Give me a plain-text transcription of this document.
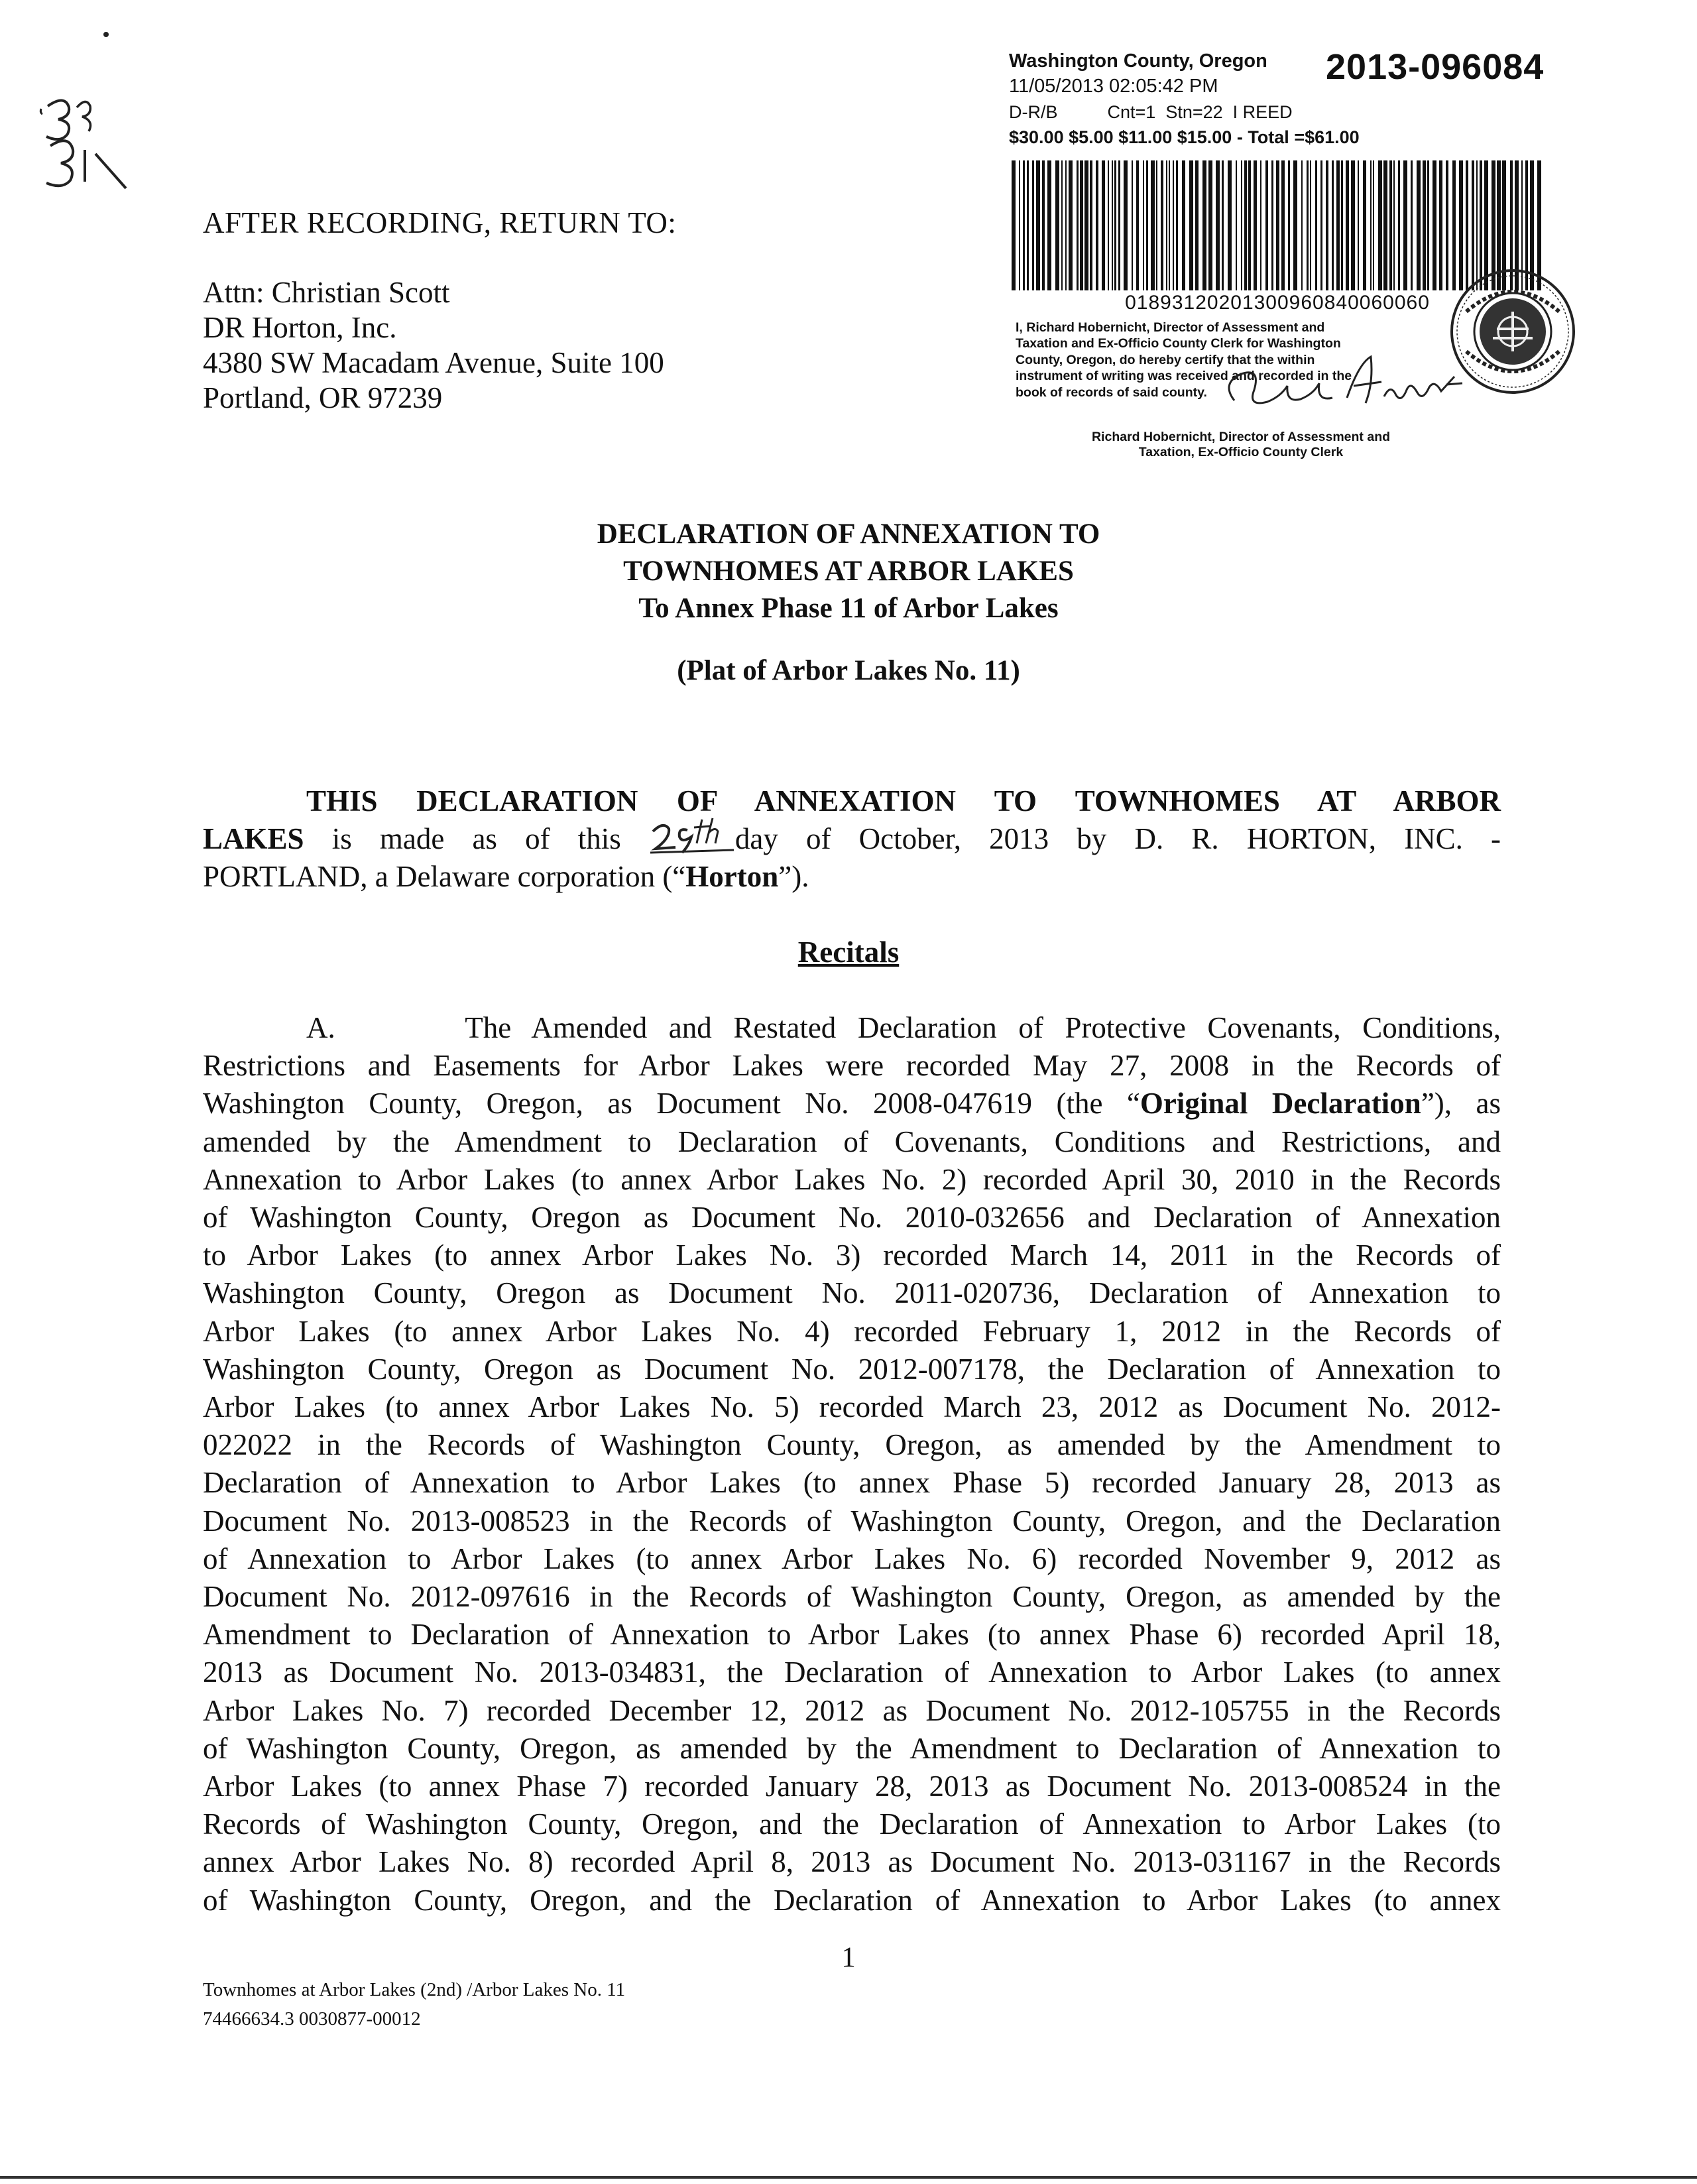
AFTER RECORDING, RETURN TO:
Attn: Christian Scott
DR Horton, Inc.
4380 SW Macadam Avenue, Suite 100
Portland, OR 97239
Washington County, Oregon 2013-096084
11/05/2013 02:05:42 PM
D-R/B          Cnt=1  Stn=22  I REED
$30.00 $5.00 $11.00 $15.00 - Total =$61.00
01893120201300960840060060
I, Richard Hobernicht, Director of Assessment and
Taxation and Ex-Officio County Clerk for Washington
County, Oregon, do hereby certify that the within
instrument of writing was received and recorded in the
book of records of said county.
Richard Hobernicht, Director of Assessment and
Taxation, Ex-Officio County Clerk
DECLARATION OF ANNEXATION TO
TOWNHOMES AT ARBOR LAKES
To Annex Phase 11 of Arbor Lakes
(Plat of Arbor Lakes No. 11)
THIS DECLARATION OF ANNEXATION TO TOWNHOMES AT ARBOR
LAKES is made as of this	day of October, 2013 by D. R. HORTON, INC. -
PORTLAND, a Delaware corporation (“Horton”).
Recitals
A.      The Amended and Restated Declaration of Protective Covenants, Conditions,
Restrictions and Easements for Arbor Lakes were recorded May 27, 2008 in the Records of
Washington County, Oregon, as Document No. 2008-047619 (the “Original Declaration”), as
amended by the Amendment to Declaration of Covenants, Conditions and Restrictions, and
Annexation to Arbor Lakes (to annex Arbor Lakes No. 2) recorded April 30, 2010 in the Records
of Washington County, Oregon as Document No. 2010-032656 and Declaration of Annexation
to Arbor Lakes (to annex Arbor Lakes No. 3) recorded March 14, 2011 in the Records of
Washington County, Oregon as Document No. 2011-020736, Declaration of Annexation to
Arbor Lakes (to annex Arbor Lakes No. 4) recorded February 1, 2012 in the Records of
Washington County, Oregon as Document No. 2012-007178, the Declaration of Annexation to
Arbor Lakes (to annex Arbor Lakes No. 5) recorded March 23, 2012 as Document No. 2012-
022022 in the Records of Washington County, Oregon, as amended by the Amendment to
Declaration of Annexation to Arbor Lakes (to annex Phase 5) recorded January 28, 2013 as
Document No. 2013-008523 in the Records of Washington County, Oregon, and the Declaration
of Annexation to Arbor Lakes (to annex Arbor Lakes No. 6) recorded November 9, 2012 as
Document No. 2012-097616 in the Records of Washington County, Oregon, as amended by the
Amendment to Declaration of Annexation to Arbor Lakes (to annex Phase 6) recorded April 18,
2013 as Document No. 2013-034831, the Declaration of Annexation to Arbor Lakes (to annex
Arbor Lakes No. 7) recorded December 12, 2012 as Document No. 2012-105755 in the Records
of Washington County, Oregon, as amended by the Amendment to Declaration of Annexation to
Arbor Lakes (to annex Phase 7) recorded January 28, 2013 as Document No. 2013-008524 in the
Records of Washington County, Oregon, and the Declaration of Annexation to Arbor Lakes (to
annex Arbor Lakes No. 8) recorded April 8, 2013 as Document No. 2013-031167 in the Records
of Washington County, Oregon, and the Declaration of Annexation to Arbor Lakes (to annex
1
Townhomes at Arbor Lakes (2nd) /Arbor Lakes No. 11
74466634.3 0030877-00012
